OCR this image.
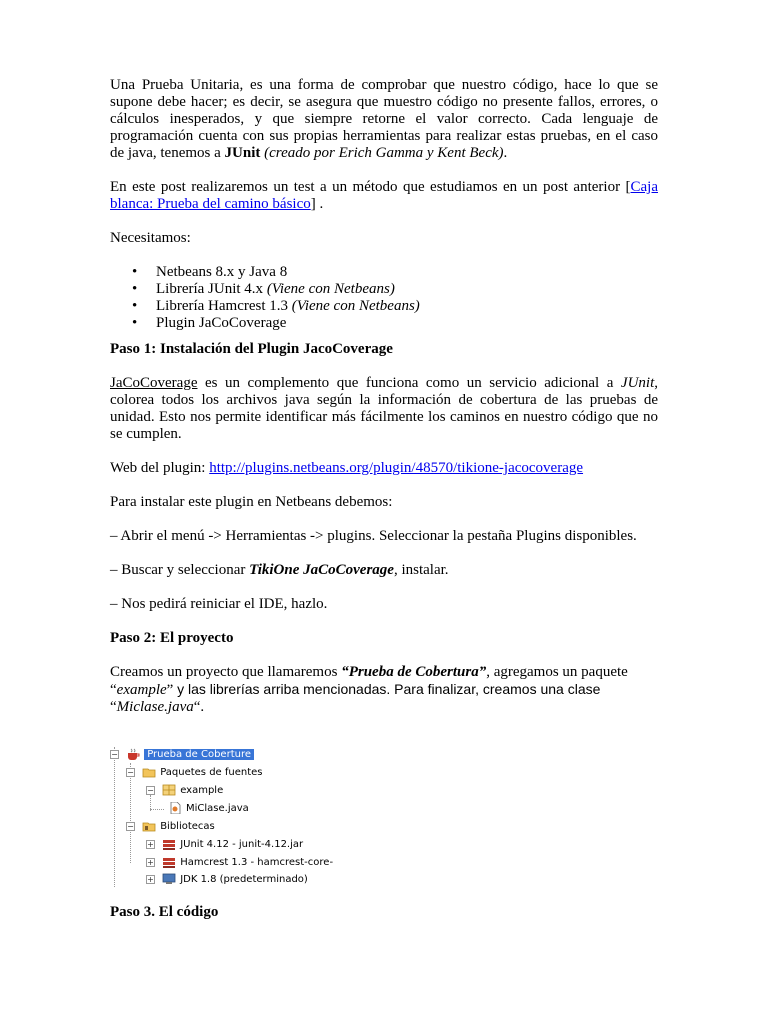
Una Prueba Unitaria, es una forma de comprobar que nuestro código, hace lo que se supone debe hacer; es decir, se asegura que muestro código no presente fallos, errores, o cálculos inesperados, y que siempre retorne el valor correcto. Cada lenguaje de programación cuenta con sus propias herramientas para realizar estas pruebas, en el caso de java, tenemos a JUnit (creado por Erich Gamma y Kent Beck).

En este post realizaremos un test a un método que estudiamos en un post anterior [Caja blanca: Prueba del camino básico] .

Necesitamos:

• Netbeans 8.x y Java 8
• Librería JUnit 4.x (Viene con Netbeans)
• Librería Hamcrest 1.3 (Viene con Netbeans)
• Plugin JaCoCoverage

Paso 1: Instalación del Plugin JacoCoverage

JaCoCoverage es un complemento que funciona como un servicio adicional a JUnit, colorea todos los archivos java según la información de cobertura de las pruebas de unidad. Esto nos permite identificar más fácilmente los caminos en nuestro código que no se cumplen.

Web del plugin: http://plugins.netbeans.org/plugin/48570/tikione-jacocoverage

Para instalar este plugin en Netbeans debemos:

– Abrir el menú -> Herramientas -> plugins. Seleccionar la pestaña Plugins disponibles.

– Buscar y seleccionar TikiOne JaCoCoverage, instalar.

– Nos pedirá reiniciar el IDE, hazlo.

Paso 2: El proyecto

Creamos un proyecto que llamaremos “Prueba de Cobertura”, agregamos un paquete “example” y las librerías arriba mencionadas. Para finalizar, creamos una clase “Miclase.java“.

−	Prueba de Coberture
−	Paquetes de fuentes
−	example
MiClase.java
−	Bibliotecas
+	JUnit 4.12 - junit-4.12.jar
+	Hamcrest 1.3 - hamcrest-core-
+	JDK 1.8 (predeterminado)

Paso 3. El código
